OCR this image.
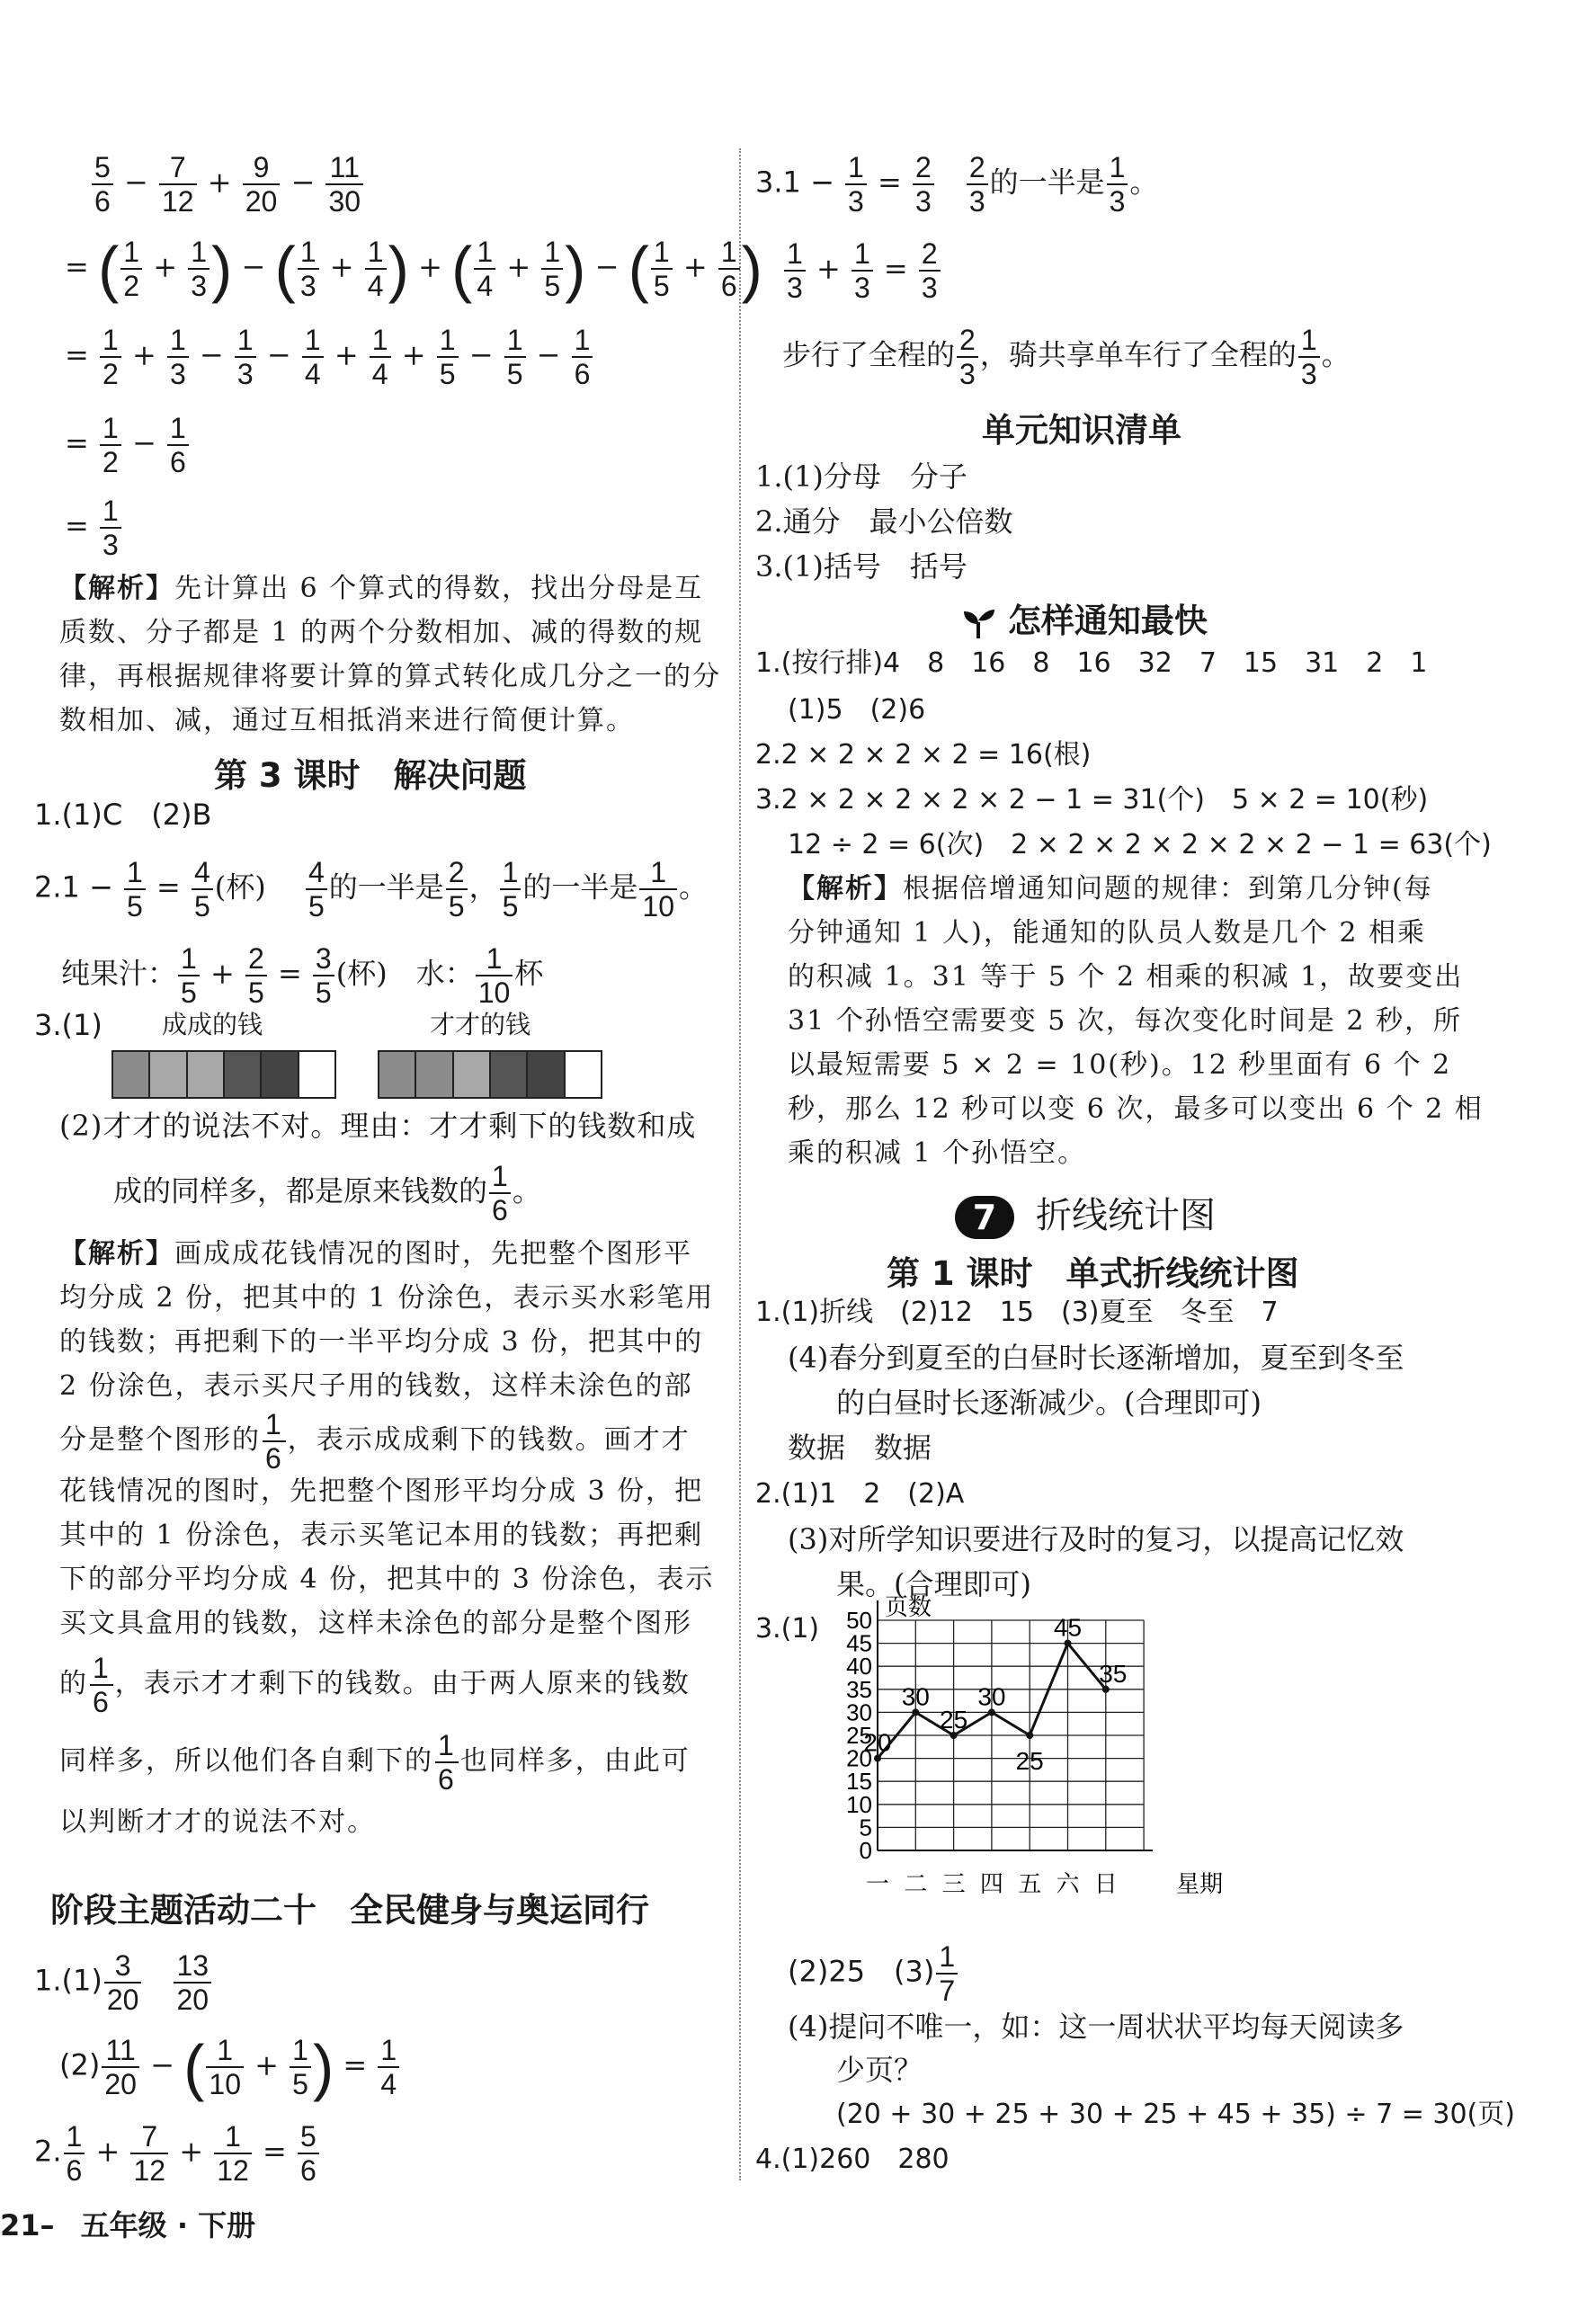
$\frac{5}{6} - \frac{7}{12} + \frac{9}{20} - \frac{11}{30}$
= ( $\frac{1}{2} + \frac{1}{3}$ ) − ( $\frac{1}{3} + \frac{1}{4}$ ) + ( $\frac{1}{4} + \frac{1}{5}$ ) − ( $\frac{1}{5} + \frac{1}{6}$ )
= $\frac{1}{2} + \frac{1}{3} - \frac{1}{3} - \frac{1}{4} + \frac{1}{4} + \frac{1}{5} - \frac{1}{5} - \frac{1}{6}$
= $\frac{1}{2} - \frac{1}{6}$
= $\frac{1}{3}$
【解析】先计算出 6 个算式的得数，找出分母是互质数、分子都是 1 的两个分数相加、减的得数的规律，再根据规律将要计算的算式转化成几分之一的分数相加、减，通过互相抵消来进行简便计算。
第 3 课时　解决问题
1.(1)C　(2)B
$2.1 - \frac{1}{5} = \frac{4}{5}$ (杯)　 $\frac{4}{5}$ 的一半是 $\frac{2}{5}$ ， $\frac{1}{5}$ 的一半是 $\frac{1}{10}$ 。
纯果汁： $\frac{1}{5} + \frac{2}{5} = \frac{3}{5}$ (杯)　水： $\frac{1}{10}$ 杯
3.(1) 成成的钱	才才的钱
(2)才才的说法不对。理由：才才剩下的钱数和成
成的同样多，都是原来钱数的 $\frac{1}{6}$ 。
【解析】画成成花钱情况的图时，先把整个图形平
均分成 2 份，把其中的 1 份涂色，表示买水彩笔用
的钱数；再把剩下的一半平均分成 3 份，把其中的
2 份涂色，表示买尺子用的钱数，这样未涂色的部
分是整个图形的 $\frac{1}{6}$ ，表示成成剩下的钱数。画才才
花钱情况的图时，先把整个图形平均分成 3 份，把
其中的 1 份涂色，表示买笔记本用的钱数；再把剩
下的部分平均分成 4 份，把其中的 3 份涂色，表示
买文具盒用的钱数，这样未涂色的部分是整个图形
的 $\frac{1}{6}$ ，表示才才剩下的钱数。由于两人原来的钱数
同样多，所以他们各自剩下的 $\frac{1}{6}$ 也同样多，由此可
以判断才才的说法不对。
阶段主题活动二十　全民健身与奥运同行
$1.(1) \frac{3}{20}$
　 $\frac{13}{20}$
$(2) \frac{11}{20}$ − ( $\frac{1}{10} + \frac{1}{5}$ ) = $\frac{1}{4}$
2. $\frac{1}{6} + \frac{7}{12} + \frac{1}{12} = \frac{5}{6}$
$3.1 - \frac{1}{3} = \frac{2}{3}$
　 $\frac{2}{3}$ 的一半是 $\frac{1}{3}$ 。
$\frac{1}{3} + \frac{1}{3} = \frac{2}{3}$
步行了全程的 $\frac{2}{3}$ ，骑共享单车行了全程的 $\frac{1}{3}$ 。
单元知识清单
1.(1)分母　分子
2.通分　最小公倍数
3.(1)括号　括号
怎样通知最快
1.(按行排)4　8　16　8　16　32　7　15　31　2　1
(1)5　(2)6
2.2 × 2 × 2 × 2 = 16(根)
3.2 × 2 × 2 × 2 × 2 − 1 = 31(个)　5 × 2 = 10(秒)
12 ÷ 2 = 6(次)　2 × 2 × 2 × 2 × 2 × 2 − 1 = 63(个)
【解析】根据倍增通知问题的规律：到第几分钟(每
分钟通知 1 人)，能通知的队员人数是几个 2 相乘
的积减 1。31 等于 5 个 2 相乘的积减 1，故要变出
31 个孙悟空需要变 5 次，每次变化时间是 2 秒，所
以最短需要 5 × 2 = 10(秒)。12 秒里面有 6 个 2
秒，那么 12 秒可以变 6 次，最多可以变出 6 个 2 相
乘的积减 1 个孙悟空。
7 折线统计图
第 1 课时　单式折线统计图
1.(1)折线　(2)12　15　(3)夏至　冬至　7
(4)春分到夏至的白昼时长逐渐增加，夏至到冬至
的白昼时长逐渐减少。(合理即可)
数据　数据
2.(1)1　2　(2)A
(3)对所学知识要进行及时的复习，以提高记忆效
果。(合理即可)
3.(1)
0
5
10
15
20
25
30
35
40
45
50 页数
一 二 三 四 五 六 日	星期
20
30
25
30
25
45
35
(2)25　$(3) \frac{1}{7}$
(4)提问不唯一，如：这一周状状平均每天阅读多
少页？
(20 + 30 + 25 + 30 + 25 + 45 + 35) ÷ 7 = 30(页)
4.(1)260　280
21– 五年级 · 下册
